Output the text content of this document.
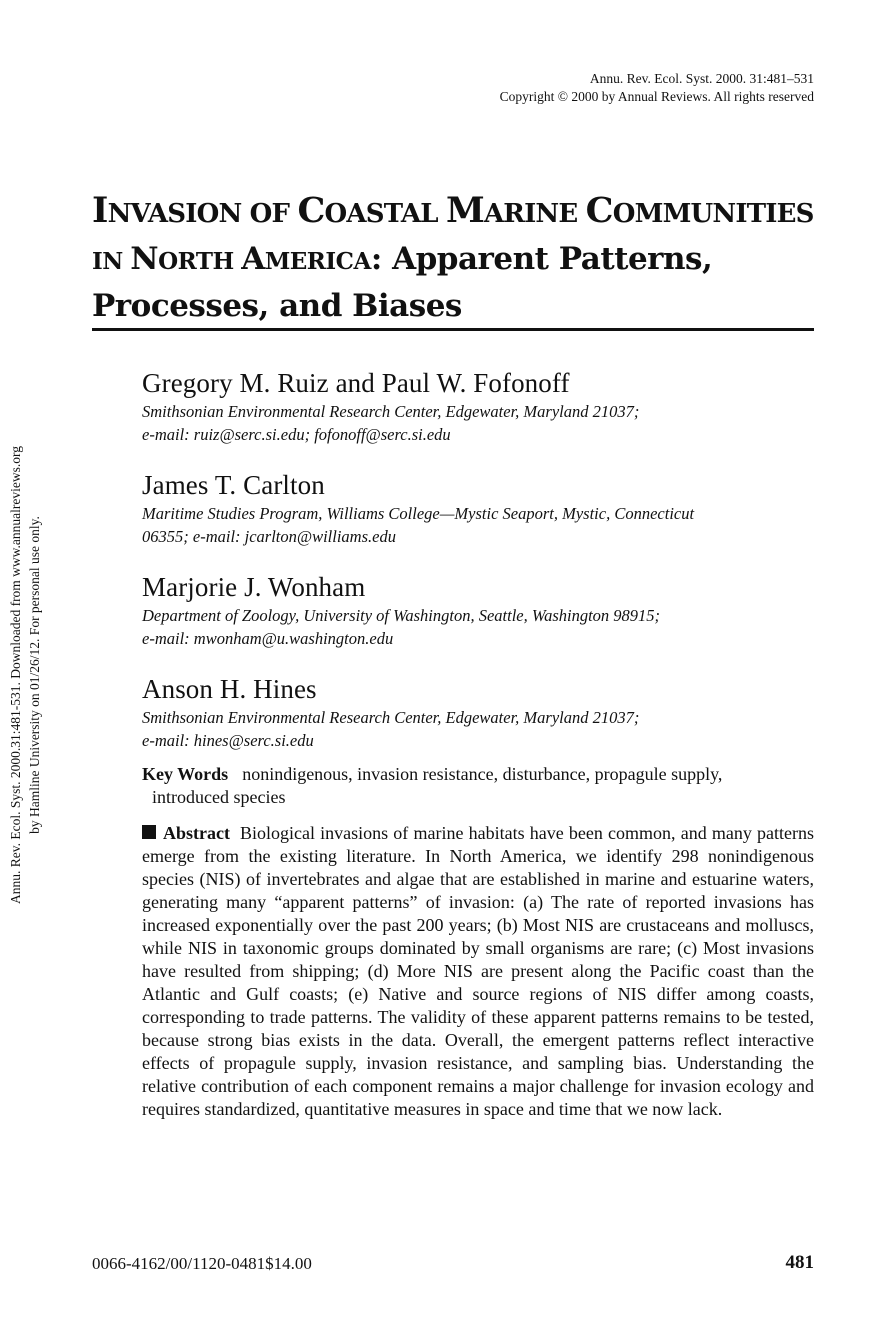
Annu. Rev. Ecol. Syst. 2000. 31:481–531
Copyright © 2000 by Annual Reviews. All rights reserved
Annu. Rev. Ecol. Syst. 2000.31:481-531. Downloaded from www.annualreviews.org by Hamline University on 01/26/12. For personal use only.
INVASION OF COASTAL MARINE COMMUNITIES
IN NORTH AMERICA: Apparent Patterns,
Processes, and Biases
Gregory M. Ruiz and Paul W. Fofonoff
Smithsonian Environmental Research Center, Edgewater, Maryland 21037;
e-mail: ruiz@serc.si.edu; fofonoff@serc.si.edu
James T. Carlton
Maritime Studies Program, Williams College—Mystic Seaport, Mystic, Connecticut
06355; e-mail: jcarlton@williams.edu
Marjorie J. Wonham
Department of Zoology, University of Washington, Seattle, Washington 98915;
e-mail: mwonham@u.washington.edu
Anson H. Hines
Smithsonian Environmental Research Center, Edgewater, Maryland 21037;
e-mail: hines@serc.si.edu
Key Words nonindigenous, invasion resistance, disturbance, propagule supply,
introduced species
Abstract Biological invasions of marine habitats have been common, and many patterns emerge from the existing literature. In North America, we identify 298 nonindigenous species (NIS) of invertebrates and algae that are established in marine and estuarine waters, generating many “apparent patterns” of invasion: (a) The rate of reported invasions has increased exponentially over the past 200 years; (b) Most NIS are crustaceans and molluscs, while NIS in taxonomic groups dominated by small organisms are rare; (c) Most invasions have resulted from shipping; (d) More NIS are present along the Pacific coast than the Atlantic and Gulf coasts; (e) Native and source regions of NIS differ among coasts, corresponding to trade patterns. The validity of these apparent patterns remains to be tested, because strong bias exists in the data. Overall, the emergent patterns reflect interactive effects of propagule supply, invasion resistance, and sampling bias. Understanding the relative contribution of each component remains a major challenge for invasion ecology and requires standardized, quantitative measures in space and time that we now lack.
0066-4162/00/1120-0481$14.00	481
